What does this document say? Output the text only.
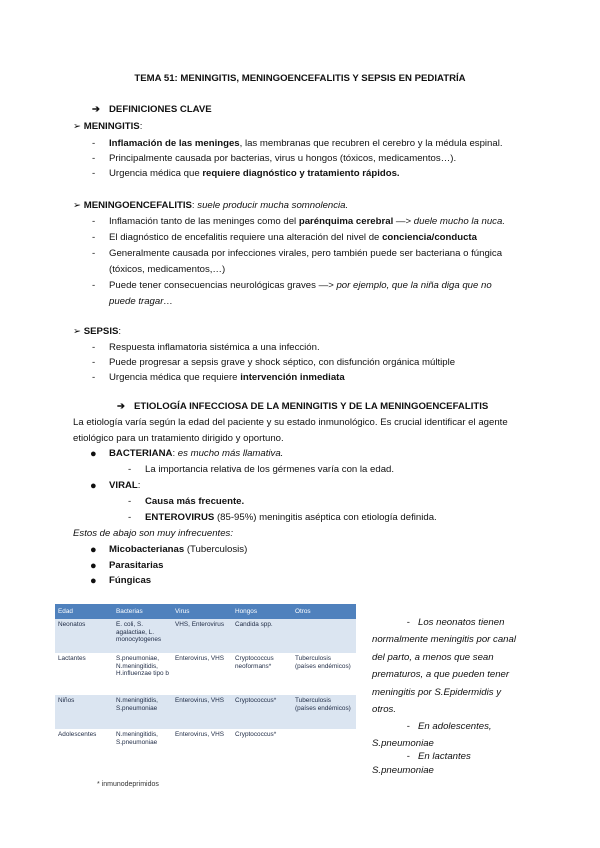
TEMA 51: MENINGITIS, MENINGOENCEFALITIS Y SEPSIS EN PEDIATRÍA
➔ DEFINICIONES CLAVE
➢ MENINGITIS:
- Inflamación de las meninges, las membranas que recubren el cerebro y la médula espinal.
- Principalmente causada por bacterias, virus u hongos (tóxicos, medicamentos…).
- Urgencia médica que requiere diagnóstico y tratamiento rápidos.
➢ MENINGOENCEFALITIS: suele producir mucha somnolencia.
- Inflamación tanto de las meninges como del parénquima cerebral —> duele mucho la nuca.
- El diagnóstico de encefalitis requiere una alteración del nivel de conciencia/conducta
- Generalmente causada por infecciones virales, pero también puede ser bacteriana o fúngica
(tóxicos, medicamentos,…)
- Puede tener consecuencias neurológicas graves —> por ejemplo, que la niña diga que no
puede tragar…
➢ SEPSIS:
- Respuesta inflamatoria sistémica a una infección.
- Puede progresar a sepsis grave y shock séptico, con disfunción orgánica múltiple
- Urgencia médica que requiere intervención inmediata
➔ ETIOLOGÍA INFECCIOSA DE LA MENINGITIS Y DE LA MENINGOENCEFALITIS
La etiología varía según la edad del paciente y su estado inmunológico. Es crucial identificar el agente
etiológico para un tratamiento dirigido y oportuno.
● BACTERIANA: es mucho más llamativa.
- La importancia relativa de los gérmenes varía con la edad.
● VIRAL:
- Causa más frecuente.
- ENTEROVIRUS (85-95%) meningitis aséptica con etiología definida.
Estos de abajo son muy infrecuentes:
● Micobacterianas (Tuberculosis)
● Parasitarias
● Fúngicas
Edad	Bacterias	Virus	Hongos	Otros
Neonatos	E. coli, S. agalactiae, L. monocytogenes	VHS, Enterovirus	Candida spp.	
Lactantes	S.pneumoniae, N.meningitidis, H.influenzae tipo b	Enterovirus, VHS	Cryptococcus neoformans*	Tuberculosis (países endémicos)
Niños	N.meningitidis, S.pneumoniae	Enterovirus, VHS	Cryptococcus*	Tuberculosis (países endémicos)
Adolescentes	N.meningitidis, S.pneumoniae	Enterovirus, VHS	Cryptococcus*	
* inmunodeprimidos
- Los neonatos tienen
normalmente meningitis por canal
del parto, a menos que sean
prematuros, a que pueden tener
meningitis por S.Epidermidis y
otros.
- En adolescentes,
S.pneumoniae
- En lactantes
S.pneumoniae
